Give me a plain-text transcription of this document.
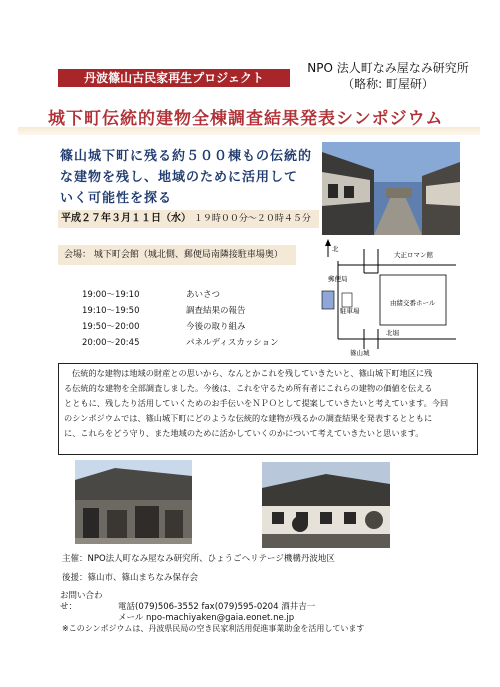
丹波篠山古民家再生プロジェクト
NPO 法人町なみ屋なみ研究所
（略称: 町屋研）
城下町伝統的建物全棟調査結果発表シンポジウム
篠山城下町に残る約５００棟もの伝統的
な建物を残し、地域のために活用して
いく可能性を探る
平成２７年３月１１日（水） １９時００分～２０時４５分
会場： 城下町会館（城北側、郵便局南隣接駐車場奥）
19:00～19:10	あいさつ
19:10～19:50	調査結果の報告
19:50～20:00	今後の取り組み
20:00～20:45	パネルディスカッション
北
大正ロマン館
郵便局
駐車場
由緒交番ホール
北堀
篠山城
伝統的な建物は地域の財産との思いから、なんとかこれを残していきたいと、篠山城下町地区に残
る伝統的な建物を全部調査しました。今後は、これを守るため所有者にこれらの建物の価値を伝える
とともに、残したり活用していくためのお手伝いをＮＰＯとして提案していきたいと考えています。今回
のシンポジウムでは、篠山城下町にどのような伝統的な建物が残るかの調査結果を発表するとともに
に、これらをどう守り、また地域のために活かしていくのかについて考えていきたいと思います。
主催：NPO法人町なみ屋なみ研究所、ひょうごヘリテージ機構丹波地区
後援：篠山市、篠山まちなみ保存会
お問い合わせ：	電話(079)506-3552 fax(079)595-0204 酒井吉一
メール npo-machiyaken@gaia.eonet.ne.jp
※このシンポジウムは、丹波県民局の空き民家利活用促進事業助金を活用しています
